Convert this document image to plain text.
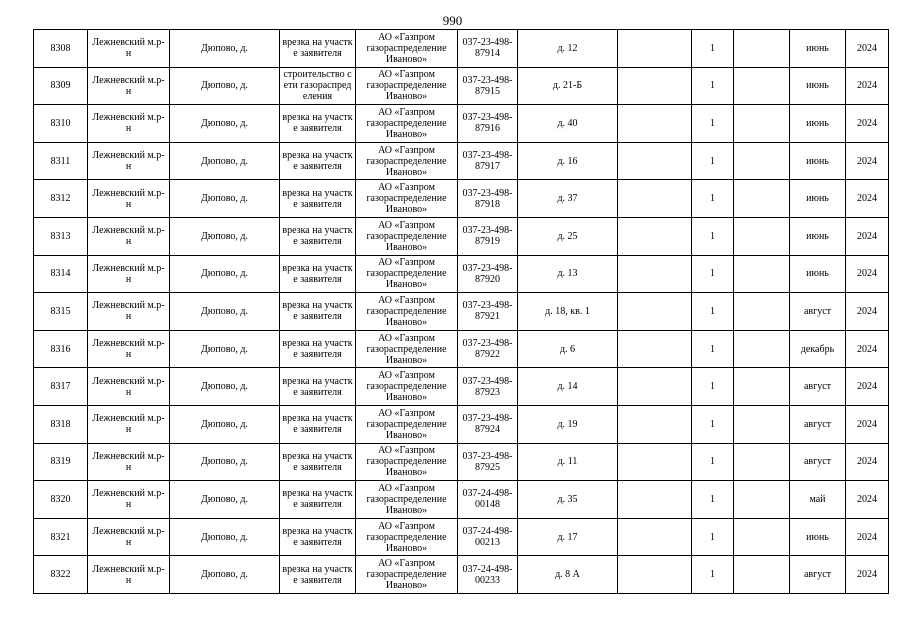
990
8308	Лежневский м.р-н	Дюпово, д.	врезка на участке заявителя	АО «Газпром газораспределение Иваново»	037-23-498-87914	д. 12		1		июнь	2024
8309	Лежневский м.р-н	Дюпово, д.	строительство сети газораспределения	АО «Газпром газораспределение Иваново»	037-23-498-87915	д. 21-Б		1		июнь	2024
8310	Лежневский м.р-н	Дюпово, д.	врезка на участке заявителя	АО «Газпром газораспределение Иваново»	037-23-498-87916	д. 40		1		июнь	2024
8311	Лежневский м.р-н	Дюпово, д.	врезка на участке заявителя	АО «Газпром газораспределение Иваново»	037-23-498-87917	д. 16		1		июнь	2024
8312	Лежневский м.р-н	Дюпово, д.	врезка на участке заявителя	АО «Газпром газораспределение Иваново»	037-23-498-87918	д. 37		1		июнь	2024
8313	Лежневский м.р-н	Дюпово, д.	врезка на участке заявителя	АО «Газпром газораспределение Иваново»	037-23-498-87919	д. 25		1		июнь	2024
8314	Лежневский м.р-н	Дюпово, д.	врезка на участке заявителя	АО «Газпром газораспределение Иваново»	037-23-498-87920	д. 13		1		июнь	2024
8315	Лежневский м.р-н	Дюпово, д.	врезка на участке заявителя	АО «Газпром газораспределение Иваново»	037-23-498-87921	д. 18, кв. 1		1		август	2024
8316	Лежневский м.р-н	Дюпово, д.	врезка на участке заявителя	АО «Газпром газораспределение Иваново»	037-23-498-87922	д. 6		1		декабрь	2024
8317	Лежневский м.р-н	Дюпово, д.	врезка на участке заявителя	АО «Газпром газораспределение Иваново»	037-23-498-87923	д. 14		1		август	2024
8318	Лежневский м.р-н	Дюпово, д.	врезка на участке заявителя	АО «Газпром газораспределение Иваново»	037-23-498-87924	д. 19		1		август	2024
8319	Лежневский м.р-н	Дюпово, д.	врезка на участке заявителя	АО «Газпром газораспределение Иваново»	037-23-498-87925	д. 11		1		август	2024
8320	Лежневский м.р-н	Дюпово, д.	врезка на участке заявителя	АО «Газпром газораспределение Иваново»	037-24-498-00148	д. 35		1		май	2024
8321	Лежневский м.р-н	Дюпово, д.	врезка на участке заявителя	АО «Газпром газораспределение Иваново»	037-24-498-00213	д. 17		1		июнь	2024
8322	Лежневский м.р-н	Дюпово, д.	врезка на участке заявителя	АО «Газпром газораспределение Иваново»	037-24-498-00233	д. 8 А		1		август	2024
